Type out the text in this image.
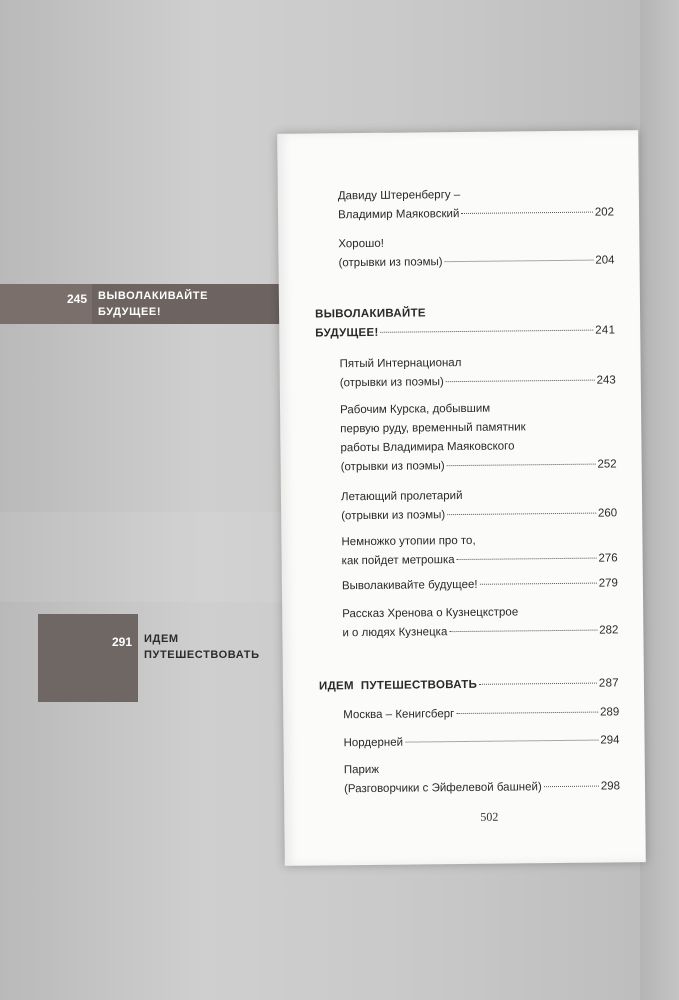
245	ВЫВОЛАКИВАЙТЕ
БУДУЩЕЕ!
291	ИДЕМ
ПУТЕШЕСТВОВАТЬ
Давиду Штеренбергу –
Владимир Маяковский	202
Хорошо!
(отрывки из поэмы)	204
ВЫВОЛАКИВАЙТЕ
БУДУЩЕЕ!	241
Пятый Интернационал
(отрывки из поэмы)	243
Рабочим Курска, добывшим
первую руду, временный памятник
работы Владимира Маяковского
(отрывки из поэмы)	252
Летающий пролетарий
(отрывки из поэмы)	260
Немножко утопии про то,
как пойдет метрошка	276
Выволакивайте будущее!	279
Рассказ Хренова о Кузнецкстрое
и о людях Кузнецка	282
ИДЕМ  ПУТЕШЕСТВОВАТЬ	287
Москва – Кенигсберг	289
Нордерней	294
Париж
(Разговорчики с Эйфелевой башней)	298
502
